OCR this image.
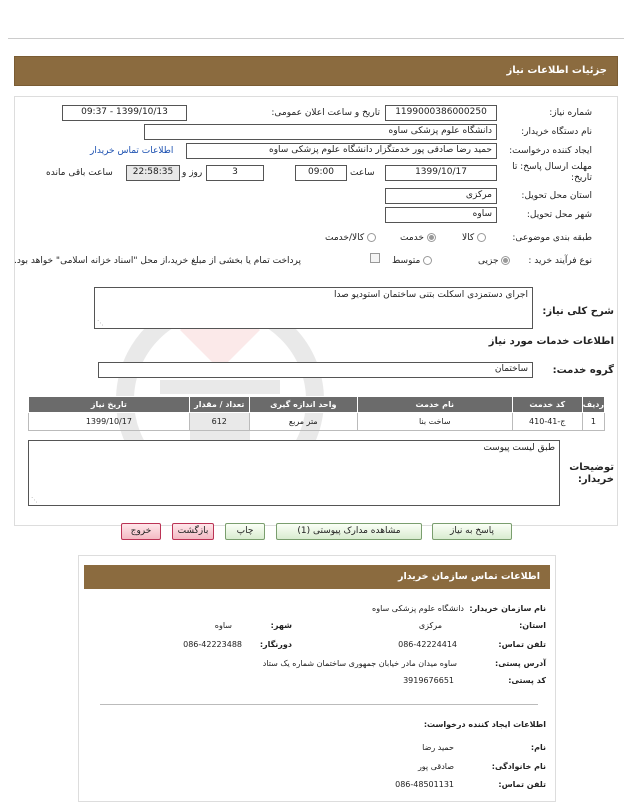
جزئیات اطلاعات نیاز
شماره نیاز:
1199000386000250
تاریخ و ساعت اعلان عمومی:
1399/10/13 - 09:37
نام دستگاه خریدار:
دانشگاه علوم پزشکی ساوه
ایجاد کننده درخواست:
حمید رضا صادقی پور خدمتگزار دانشگاه علوم پزشکی ساوه
اطلاعات تماس خریدار
مهلت ارسال پاسخ: تا تاریخ:
1399/10/17
ساعت
09:00
3
روز و
22:58:35
ساعت باقی مانده
استان محل تحویل:
مرکزی
شهر محل تحویل:
ساوه
طبقه بندی موضوعی:
کالا
خدمت
کالا/خدمت
نوع فرآیند خرید :
جزیی
متوسط
پرداخت تمام یا بخشی از مبلغ خرید،از محل "اسناد خزانه اسلامی" خواهد بود.
شرح کلی نیاز:
اجرای دستمزدی اسکلت بتنی ساختمان استودیو صدا
⋰
اطلاعات خدمات مورد نیاز
گروه خدمت:
ساختمان
ردیف	کد خدمت	نام خدمت	واحد اندازه گیری	تعداد / مقدار	تاریخ نیاز
1	ج-41-410	ساخت بنا	متر مربع	612	1399/10/17
توضیحات خریدار:
طبق لیست پیوست
⋰
پاسخ به نیاز
مشاهده مدارک پیوستی (1)
چاپ
بازگشت
خروج
اطلاعات تماس سازمان خریدار
نام سازمان خریدار:
دانشگاه علوم پزشکی ساوه
استان:
مرکزی
شهر:
ساوه
تلفن تماس:
086-42224414
دورنگار:
086-42223488
آدرس پستی:
ساوه میدان مادر خیابان جمهوری ساختمان شماره یک ستاد
کد پستی:
3919676651
اطلاعات ایجاد کننده درخواست:
نام:
حمید رضا
نام خانوادگی:
صادقی پور
تلفن تماس:
086-48501131
